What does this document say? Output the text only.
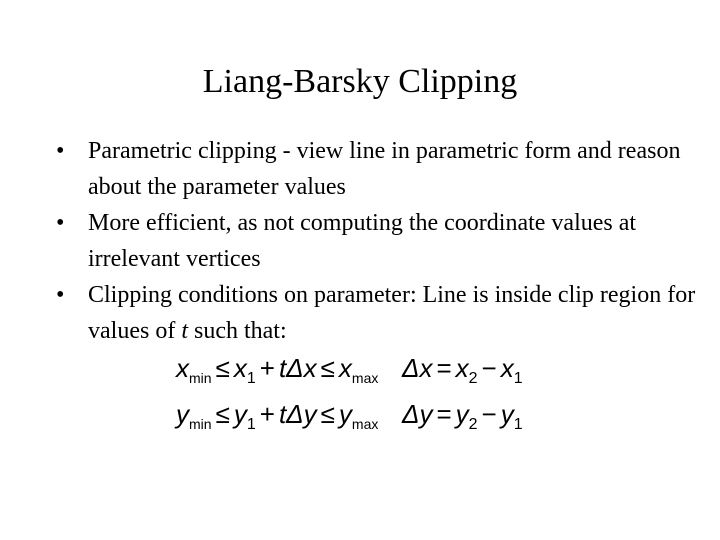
Liang-Barsky Clipping
• Parametric clipping - view line in parametric form and reason about the parameter values
• More efficient, as not computing the coordinate values at irrelevant vertices
• Clipping conditions on parameter: Line is inside clip region for values of t such that:
$x_{min} \le x_1 + t\Delta x \le x_{max}$ $\Delta x = x_2 - x_1$
$y_{min} \le y_1 + t\Delta y \le y_{max}$ $\Delta y = y_2 - y_1$
